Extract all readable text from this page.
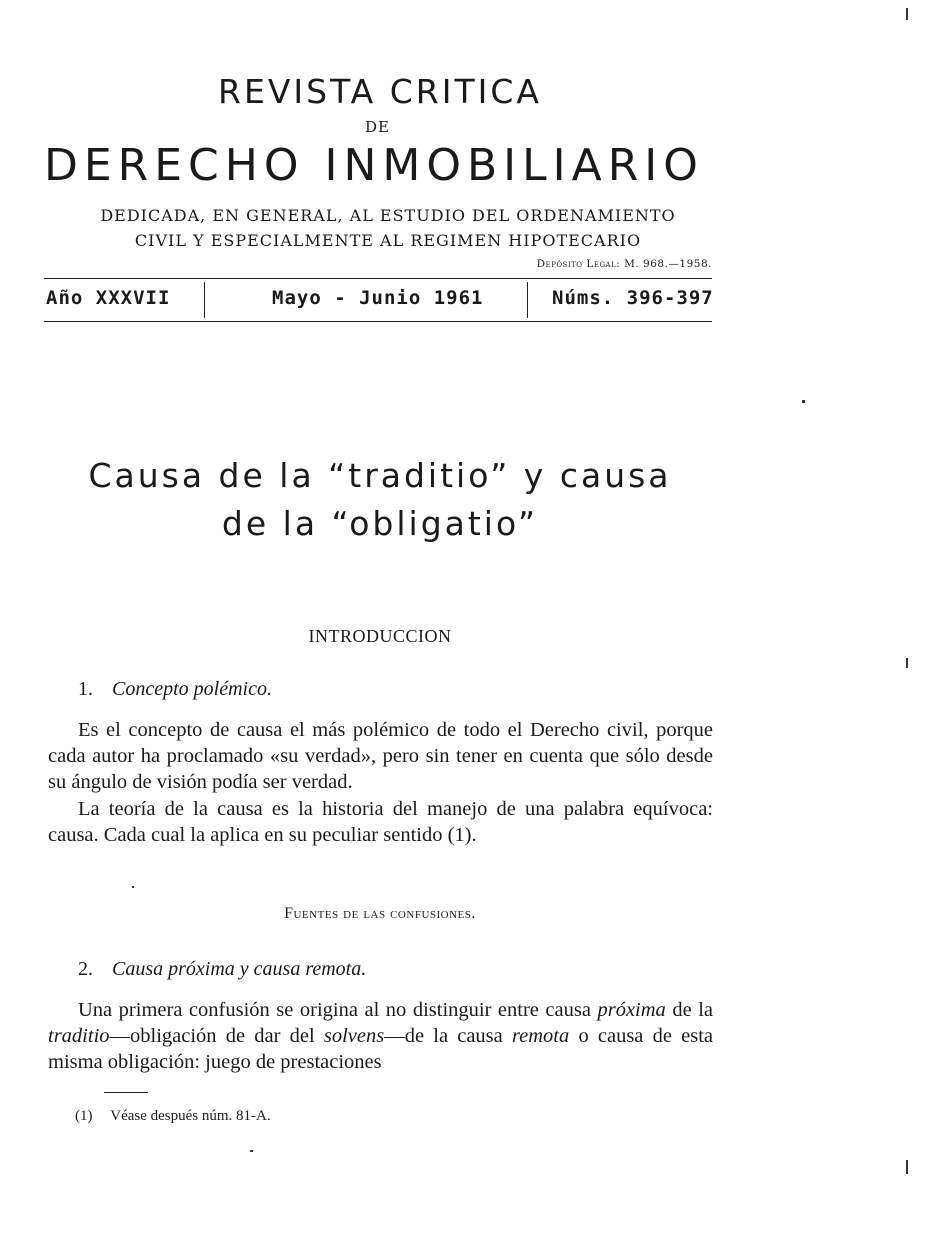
REVISTA CRITICA
DE
DERECHO INMOBILIARIO
DEDICADA, EN GENERAL, AL ESTUDIO DEL ORDENAMIENTO
CIVIL Y ESPECIALMENTE AL REGIMEN HIPOTECARIO
Depósito Legal: M. 968.—1958.
Año XXXVII	Mayo - Junio 1961	Núms. 396-397
Causa de la “traditio” y causa
de la “obligatio”
INTRODUCCION
1. Concepto polémico.

Es el concepto de causa el más polémico de todo el Derecho civil, porque cada autor ha proclamado «su verdad», pero sin tener en cuenta que sólo desde su ángulo de visión podía ser verdad.

La teoría de la causa es la historia del manejo de una palabra equívoca: causa. Cada cual la aplica en su peculiar sentido (1).

Fuentes de las confusiones.
2. Causa próxima y causa remota.

Una primera confusión se origina al no distinguir entre causa próxima de la traditio—obligación de dar del solvens—de la causa remota o causa de esta misma obligación: juego de prestaciones

(1) Véase después núm. 81-A.
